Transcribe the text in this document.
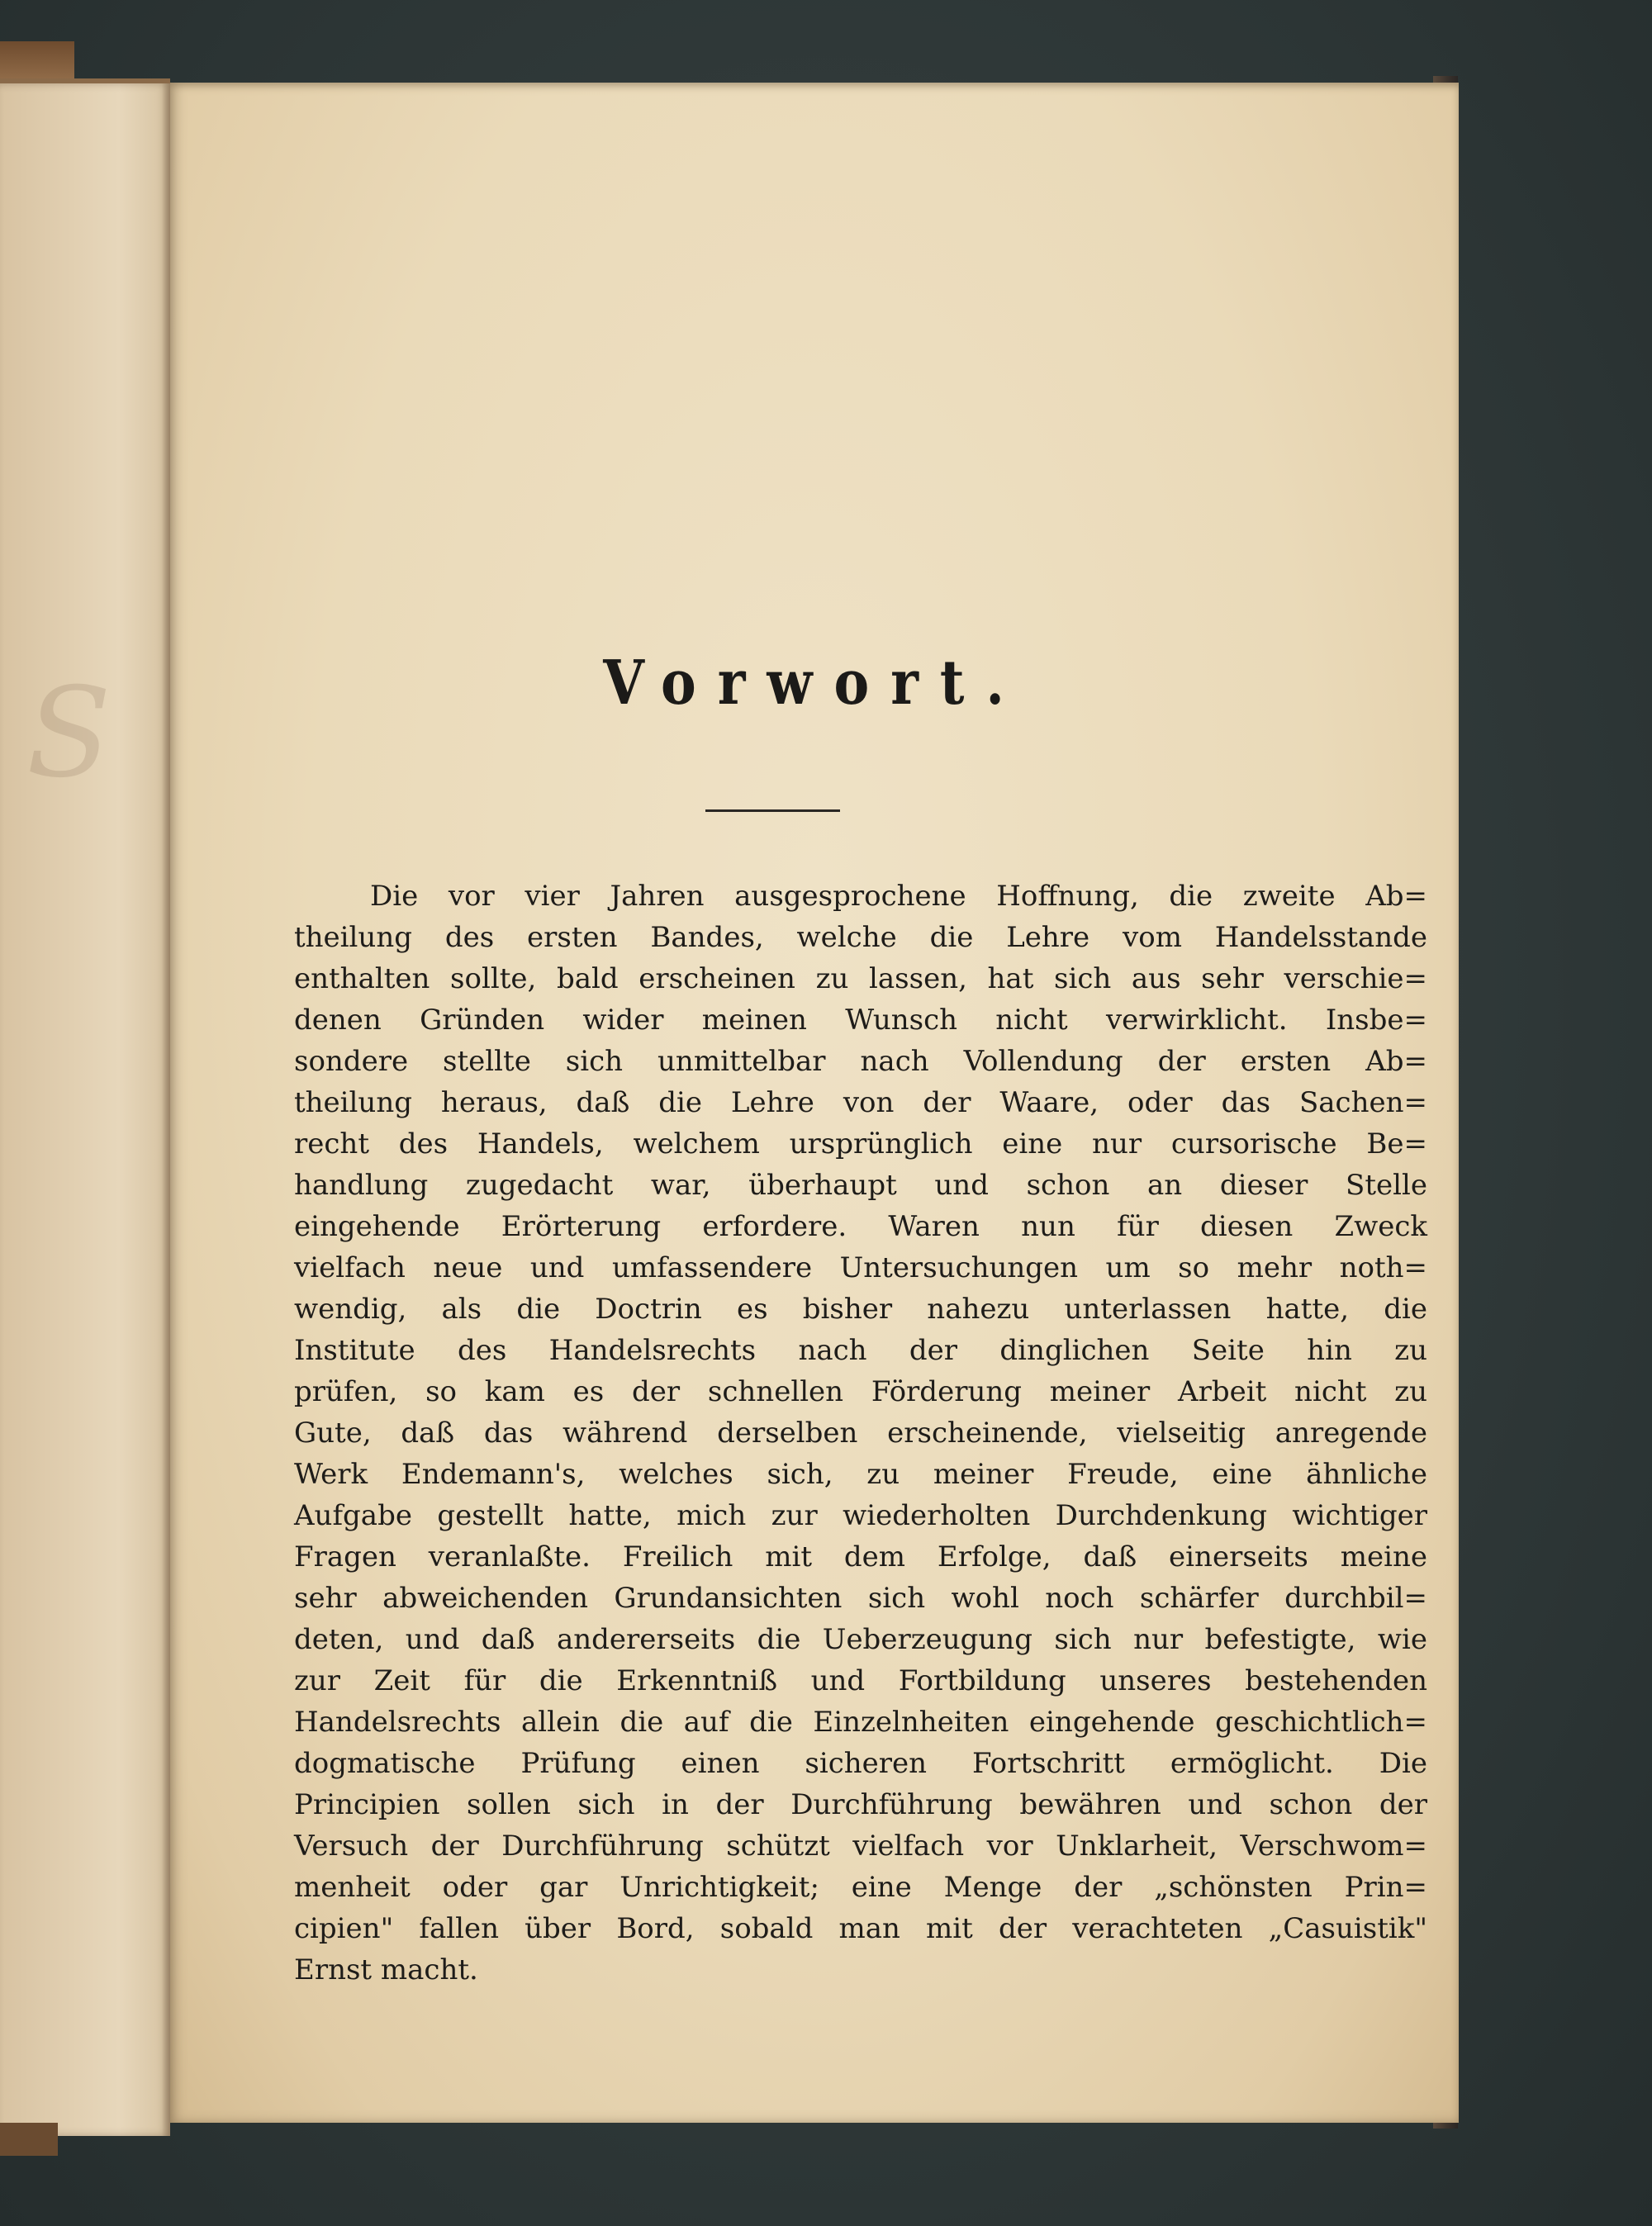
S	Vorwort.
Die vor vier Jahren ausgesprochene Hoffnung, die zweite Ab=
theilung des ersten Bandes, welche die Lehre vom Handelsstande
enthalten sollte, bald erscheinen zu lassen, hat sich aus sehr verschie=
denen Gründen wider meinen Wunsch nicht verwirklicht. Insbe=
sondere stellte sich unmittelbar nach Vollendung der ersten Ab=
theilung heraus, daß die Lehre von der Waare, oder das Sachen=
recht des Handels, welchem ursprünglich eine nur cursorische Be=
handlung zugedacht war, überhaupt und schon an dieser Stelle
eingehende Erörterung erfordere. Waren nun für diesen Zweck
vielfach neue und umfassendere Untersuchungen um so mehr noth=
wendig, als die Doctrin es bisher nahezu unterlassen hatte, die
Institute des Handelsrechts nach der dinglichen Seite hin zu
prüfen, so kam es der schnellen Förderung meiner Arbeit nicht zu
Gute, daß das während derselben erscheinende, vielseitig anregende
Werk Endemann's, welches sich, zu meiner Freude, eine ähnliche
Aufgabe gestellt hatte, mich zur wiederholten Durchdenkung wichtiger
Fragen veranlaßte. Freilich mit dem Erfolge, daß einerseits meine
sehr abweichenden Grundansichten sich wohl noch schärfer durchbil=
deten, und daß andererseits die Ueberzeugung sich nur befestigte, wie
zur Zeit für die Erkenntniß und Fortbildung unseres bestehenden
Handelsrechts allein die auf die Einzelnheiten eingehende geschichtlich=
dogmatische Prüfung einen sicheren Fortschritt ermöglicht. Die
Principien sollen sich in der Durchführung bewähren und schon der
Versuch der Durchführung schützt vielfach vor Unklarheit, Verschwom=
menheit oder gar Unrichtigkeit; eine Menge der „schönsten Prin=
cipien" fallen über Bord, sobald man mit der verachteten „Casuistik"
Ernst macht.
